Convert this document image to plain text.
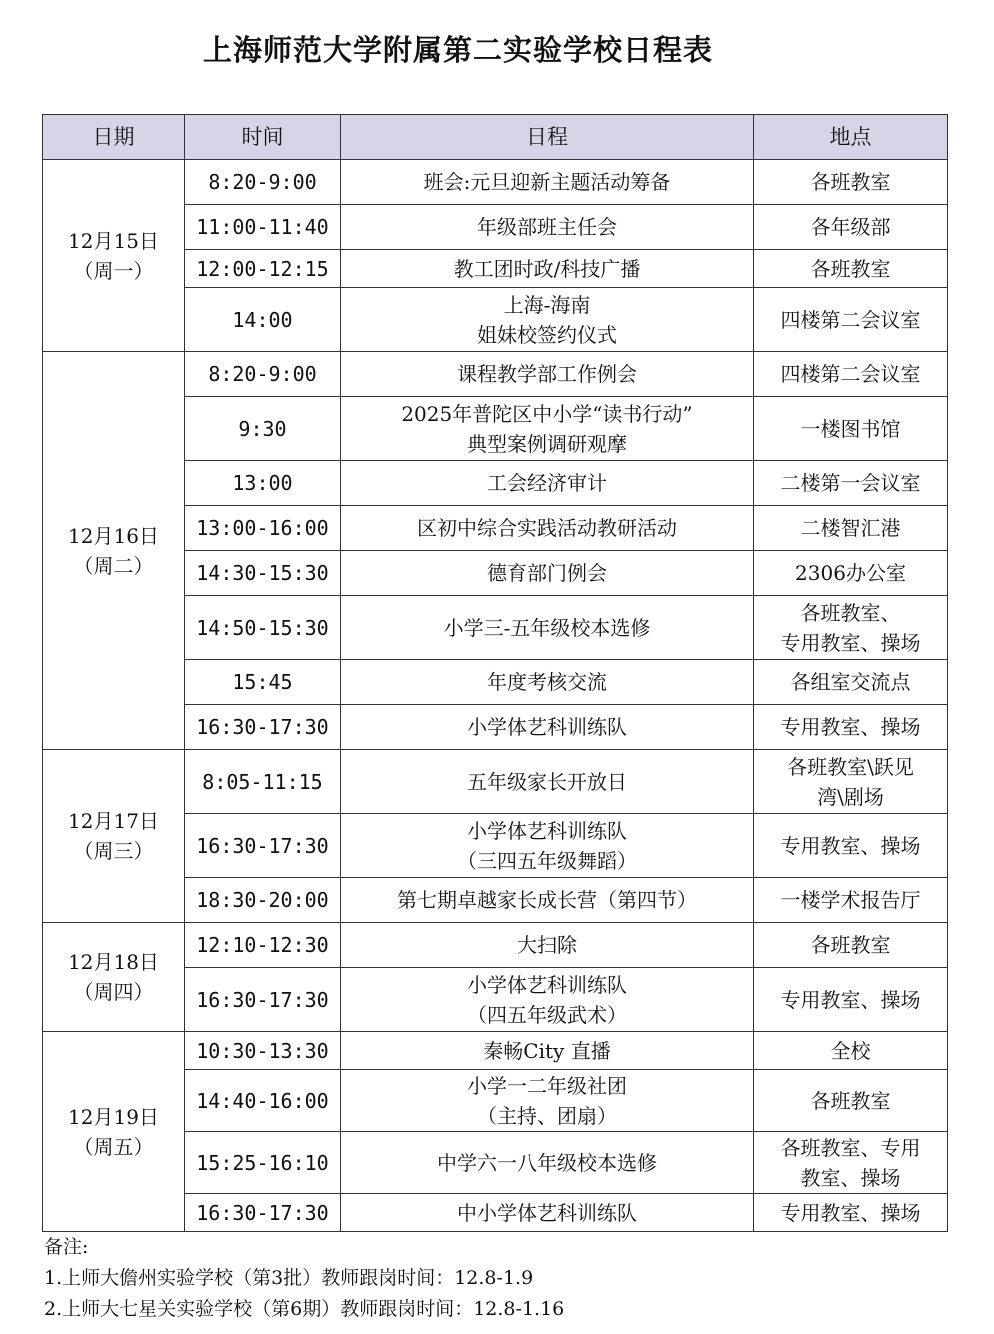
上海师范大学附属第二实验学校日程表
日期	时间	日程	地点

12月15日
（周一）	8:20-9:00	班会:元旦迎新主题活动筹备	各班教室

	11:00-11:40	年级部班主任会	各年级部

	12:00-12:15	教工团时政/科技广播	各班教室

	14:00	上海-海南
姐妹校签约仪式	四楼第二会议室

12月16日
（周二）	8:20-9:00	课程教学部工作例会	四楼第二会议室

	9:30	2025年普陀区中小学“读书行动”
典型案例调研观摩	一楼图书馆

	13:00	工会经济审计	二楼第一会议室

	13:00-16:00	区初中综合实践活动教研活动	二楼智汇港

	14:30-15:30	德育部门例会	2306办公室

	14:50-15:30	小学三-五年级校本选修	各班教室、
专用教室、操场

	15:45	年度考核交流	各组室交流点

	16:30-17:30	小学体艺科训练队	专用教室、操场

12月17日
（周三）	8:05-11:15	五年级家长开放日	各班教室\跃见
湾\剧场

	16:30-17:30	小学体艺科训练队
（三四五年级舞蹈）	专用教室、操场

	18:30-20:00	第七期卓越家长成长营（第四节）	一楼学术报告厅

12月18日
（周四）	12:10-12:30	大扫除	各班教室

	16:30-17:30	小学体艺科训练队
（四五年级武术）	专用教室、操场

12月19日
（周五）	10:30-13:30	秦畅City 直播	全校

	14:40-16:00	小学一二年级社团
（主持、团扇）	各班教室

	15:25-16:10	中学六一八年级校本选修	各班教室、专用
教室、操场

	16:30-17:30	中小学体艺科训练队	专用教室、操场
备注:
1.上师大儋州实验学校（第3批）教师跟岗时间：12.8-1.9
2.上师大七星关实验学校（第6期）教师跟岗时间：12.8-1.16
